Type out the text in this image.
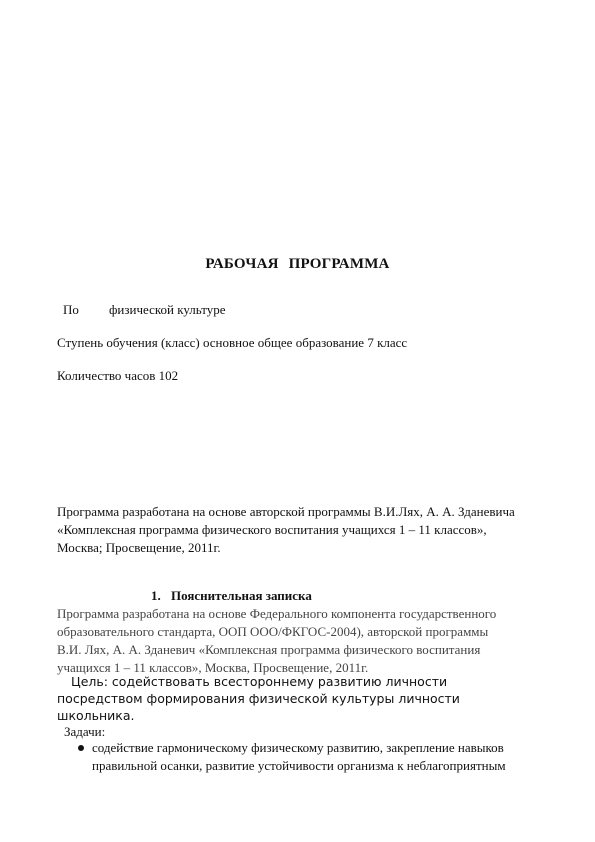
РАБОЧАЯ ПРОГРАММА
По физической культуре
Ступень обучения (класс) основное общее образование 7 класс
Количество часов 102
Программа разработана на основе авторской программы В.И.Лях, А. А. Зданевича
«Комплексная программа физического воспитания учащихся 1 – 11 классов»,
Москва; Просвещение, 2011г.
1. Пояснительная записка
Программа разработана на основе Федерального компонента государственного
образовательного стандарта, ООП ООО/ФКГОС-2004), авторской программы
В.И. Лях, А. А. Зданевич «Комплексная программа физического воспитания
учащихся 1 – 11 классов», Москва, Просвещение, 2011г.
Цель: содействовать всестороннему развитию личности
посредством формирования физической культуры личности
школьника.
Задачи:
содействие гармоническому физическому развитию, закрепление навыков
правильной осанки, развитие устойчивости организма к неблагоприятным
